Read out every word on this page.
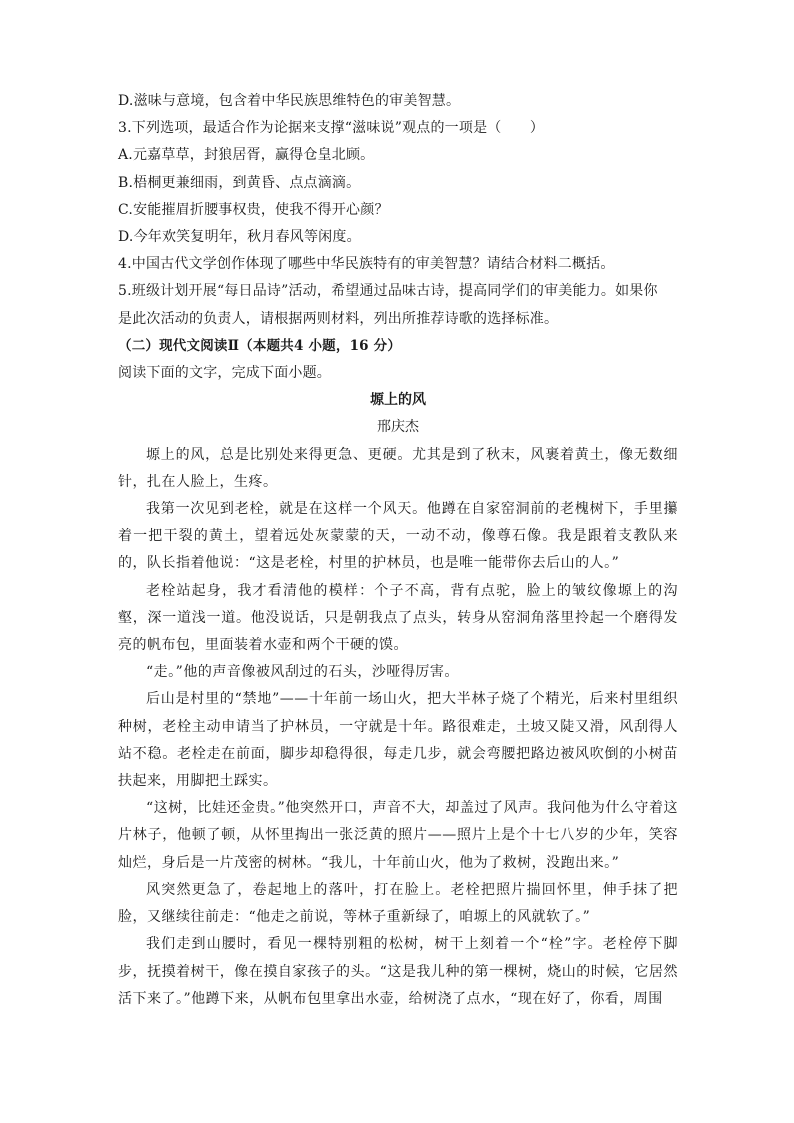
D.滋味与意境，包含着中华民族思维特色的审美智慧。
3.下列选项，最适合作为论据来支撑“滋味说”观点的一项是（　　）
A.元嘉草草，封狼居胥，赢得仓皇北顾。
B.梧桐更兼细雨，到黄昏、点点滴滴。
C.安能摧眉折腰事权贵，使我不得开心颜？
D.今年欢笑复明年，秋月春风等闲度。
4.中国古代文学创作体现了哪些中华民族特有的审美智慧？请结合材料二概括。
5.班级计划开展“每日品诗”活动，希望通过品味古诗，提高同学们的审美能力。如果你
是此次活动的负责人，请根据两则材料，列出所推荐诗歌的选择标准。
（二）现代文阅读Ⅱ（本题共4 小题，16 分）
阅读下面的文字，完成下面小题。
塬上的风
邢庆杰
塬上的风，总是比别处来得更急、更硬。尤其是到了秋末，风裹着黄土，像无数细针，扎在人脸上，生疼。
我第一次见到老栓，就是在这样一个风天。他蹲在自家窑洞前的老槐树下，手里攥着一把干裂的黄土，望着远处灰蒙蒙的天，一动不动，像尊石像。我是跟着支教队来的，队长指着他说：“这是老栓，村里的护林员，也是唯一能带你去后山的人。”
老栓站起身，我才看清他的模样：个子不高，背有点驼，脸上的皱纹像塬上的沟壑，深一道浅一道。他没说话，只是朝我点了点头，转身从窑洞角落里拎起一个磨得发亮的帆布包，里面装着水壶和两个干硬的馍。
“走。”他的声音像被风刮过的石头，沙哑得厉害。
后山是村里的“禁地”——十年前一场山火，把大半林子烧了个精光，后来村里组织种树，老栓主动申请当了护林员，一守就是十年。路很难走，土坡又陡又滑，风刮得人站不稳。老栓走在前面，脚步却稳得很，每走几步，就会弯腰把路边被风吹倒的小树苗扶起来，用脚把土踩实。
“这树，比娃还金贵。”他突然开口，声音不大，却盖过了风声。我问他为什么守着这片林子，他顿了顿，从怀里掏出一张泛黄的照片——照片上是个十七八岁的少年，笑容灿烂，身后是一片茂密的树林。“我儿，十年前山火，他为了救树，没跑出来。”
风突然更急了，卷起地上的落叶，打在脸上。老栓把照片揣回怀里，伸手抹了把脸，又继续往前走：“他走之前说，等林子重新绿了，咱塬上的风就软了。”
我们走到山腰时，看见一棵特别粗的松树，树干上刻着一个“栓”字。老栓停下脚步，抚摸着树干，像在摸自家孩子的头。“这是我儿种的第一棵树，烧山的时候，它居然活下来了。”他蹲下来，从帆布包里拿出水壶，给树浇了点水，“现在好了，你看，周围
